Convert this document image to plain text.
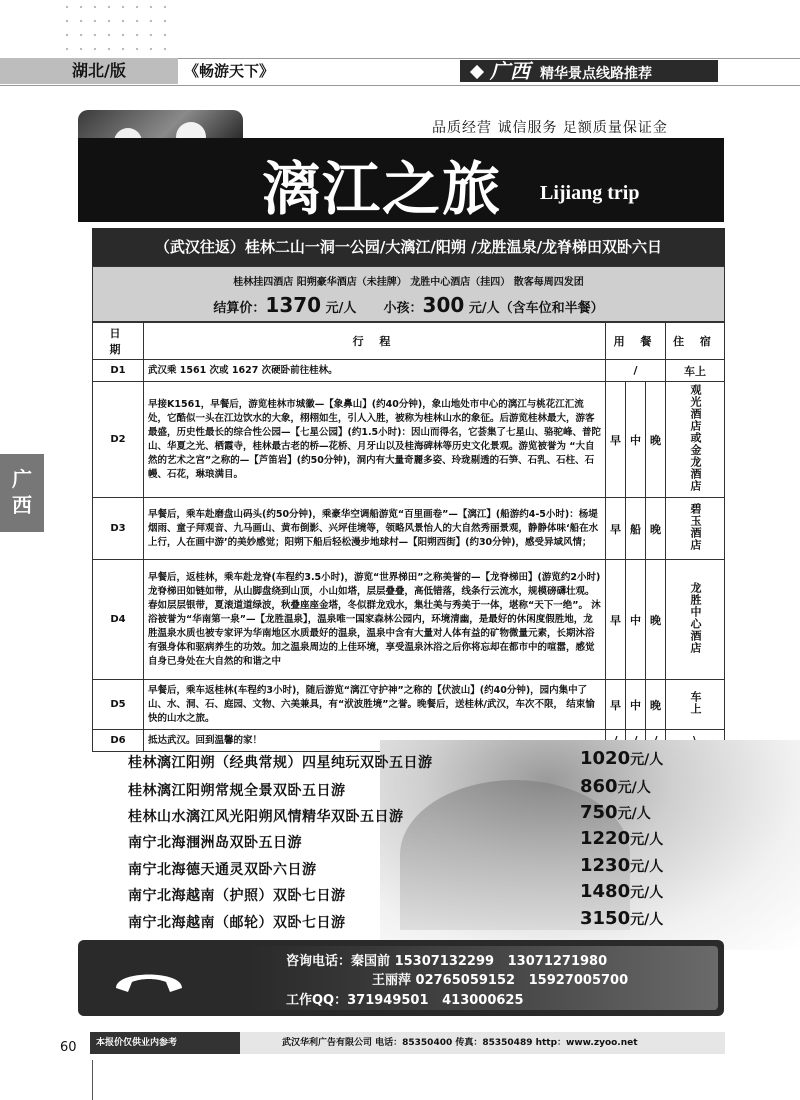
湖北/版	《畅游天下》	广西 精华景点线路推荐
品质经营 诚信服务 足额质量保证金
漓江之旅 Lijiang trip
（武汉往返）桂林二山一洞一公园/大漓江/阳朔 /龙胜温泉/龙脊梯田双卧六日
桂林挂四酒店 阳朔豪华酒店（未挂牌） 龙胜中心酒店（挂四） 散客每周四发团
结算价：1370 元/人 小孩：300 元/人（含车位和半餐）
日 期	行 程	用 餐			住 宿
D1	武汉乘 1561 次或 1627 次硬卧前往桂林。	/			车上
D2	早接K1561，早餐后，游览桂林市城徽—【象鼻山】(约40分钟)，象山地处市中心的漓江与桃花江汇流处，它酷似一头在江边饮水的大象，栩栩如生，引人入胜，被称为桂林山水的象征。后游览桂林最大，游客最盛，历史性最长的综合性公园—【七星公园】(约1.5小时)：因山而得名，它荟集了七星山、骆驼峰、普陀山、华夏之光、栖霞寺，桂林最古老的桥—花桥、月牙山以及桂海碑林等历史文化景观。游览被誉为 “大自然的艺术之宫”之称的—【芦笛岩】(约50分钟)，洞内有大量奇麗多姿、玲珑剔透的石笋、石乳、石柱、石幔、石花，琳琅满目。	早	中	晚	观光酒店或金龙酒店
D3	早餐后，乘车赴磨盘山码头(约50分钟)，乘豪华空调船游览“百里画卷”—【漓江】(船游约4-5小时)：杨堤烟雨、童子拜观音、九马画山、黄布倒影、兴坪佳境等，领略风景怡人的大自然秀丽景观，静静体味‘船在水上行，人在画中游’的美妙感觉；阳朔下船后轻松漫步地球村—【阳朔西街】(约30分钟)，感受异域风情；	早	船	晚	碧玉酒店
D4	早餐后，返桂林，乘车赴龙脊(车程约3.5小时)，游览“世界梯田”之称美誉的—【龙脊梯田】(游览约2小时)龙脊梯田如链如带，从山脚盘绕到山顶，小山如塔，层层叠叠，高低错落，线条行云流水，规模磅礴壮观。春如层层银带，夏滚道道绿波，秋叠座座金塔，冬似群龙戏水，集壮美与秀美于一体，堪称“天下一绝”。 沐浴被誉为“华南第一泉”—【龙胜温泉】，温泉唯一国家森林公园内，环境清幽，是最好的休闲度假胜地，龙胜温泉水质也被专家评为华南地区水质最好的温泉，温泉中含有大量对人体有益的矿物微量元素，长期沐浴有强身体和驱病养生的功效。加之温泉周边的上佳环境，享受温泉沐浴之后你将忘却在都市中的喧嚣，感觉自身已身处在大自然的和谐之中	早	中	晚	龙胜中心酒店
D5	早餐后，乘车返桂林(车程约3小时)，随后游览“漓江守护神”之称的【伏波山】(约40分钟)，园内集中了山、水、洞、石、庭园、文物、六美兼具，有“洑波胜境”之誉。晚餐后，送桂林/武汉，车次不限， 结束愉快的山水之旅。	早	中	晚	车上
D6	抵达武汉。回到温馨的家！				
广
西
桂林漓江阳朔（经典常规）四星纯玩双卧五日游	1020元/人
桂林漓江阳朔常规全景双卧五日游	860元/人
桂林山水漓江风光阳朔风情精华双卧五日游	750元/人
南宁北海涠洲岛双卧五日游	1220元/人
南宁北海德天通灵双卧六日游	1230元/人
南宁北海越南（护照）双卧七日游	1480元/人
南宁北海越南（邮轮）双卧七日游	3150元/人
咨询电话：秦国前 15307132299 13071271980
王丽萍 02765059152 15927005700
工作QQ：371949501 413000625
60	本报价仅供业内参考	武汉华利广告有限公司 电话：85350400 传真：85350489 http：www.zyoo.net
